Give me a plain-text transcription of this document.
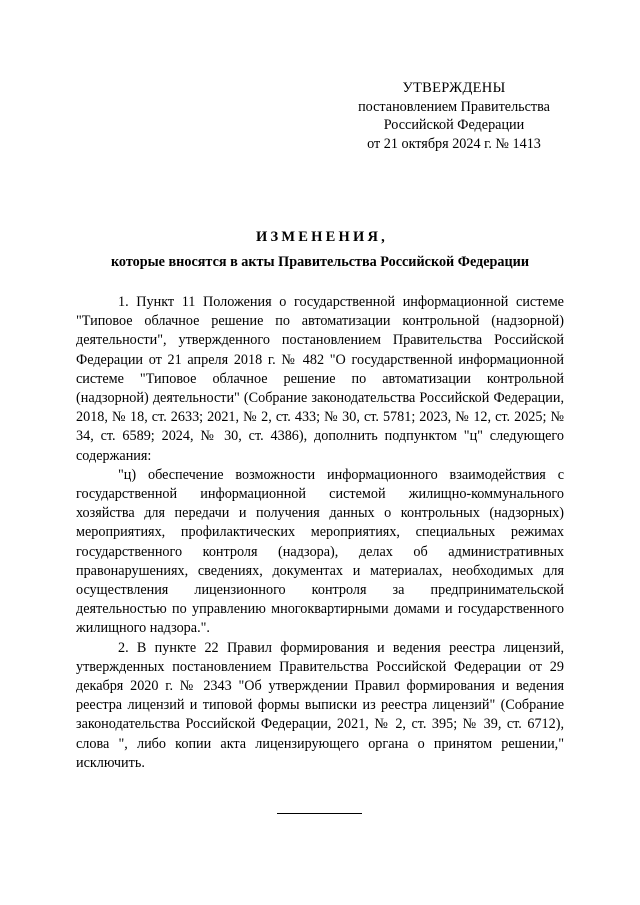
УТВЕРЖДЕНЫ
постановлением Правительства
Российской Федерации
от 21 октября 2024 г. № 1413
ИЗМЕНЕНИЯ,
которые вносятся в акты Правительства Российской Федерации

1. Пункт 11 Положения о государственной информационной системе "Типовое облачное решение по автоматизации контрольной (надзорной) деятельности", утвержденного постановлением Правительства Российской Федерации от 21 апреля 2018 г. № 482 "О государственной информационной системе "Типовое облачное решение по автоматизации контрольной (надзорной) деятельности" (Собрание законодательства Российской Федерации, 2018, № 18, ст. 2633; 2021, № 2, ст. 433; № 30, ст. 5781; 2023, № 12, ст. 2025; № 34, ст. 6589; 2024, № 30, ст. 4386), дополнить подпунктом "ц" следующего содержания:

"ц) обеспечение возможности информационного взаимодействия с государственной информационной системой жилищно-коммунального хозяйства для передачи и получения данных о контрольных (надзорных) мероприятиях, профилактических мероприятиях, специальных режимах государственного контроля (надзора), делах об административных правонарушениях, сведениях, документах и материалах, необходимых для осуществления лицензионного контроля за предпринимательской деятельностью по управлению многоквартирными домами и государственного жилищного надзора.".

2. В пункте 22 Правил формирования и ведения реестра лицензий, утвержденных постановлением Правительства Российской Федерации от 29 декабря 2020 г. № 2343 "Об утверждении Правил формирования и ведения реестра лицензий и типовой формы выписки из реестра лицензий" (Собрание законодательства Российской Федерации, 2021, № 2, ст. 395; № 39, ст. 6712), слова ", либо копии акта лицензирующего органа о принятом решении," исключить.
